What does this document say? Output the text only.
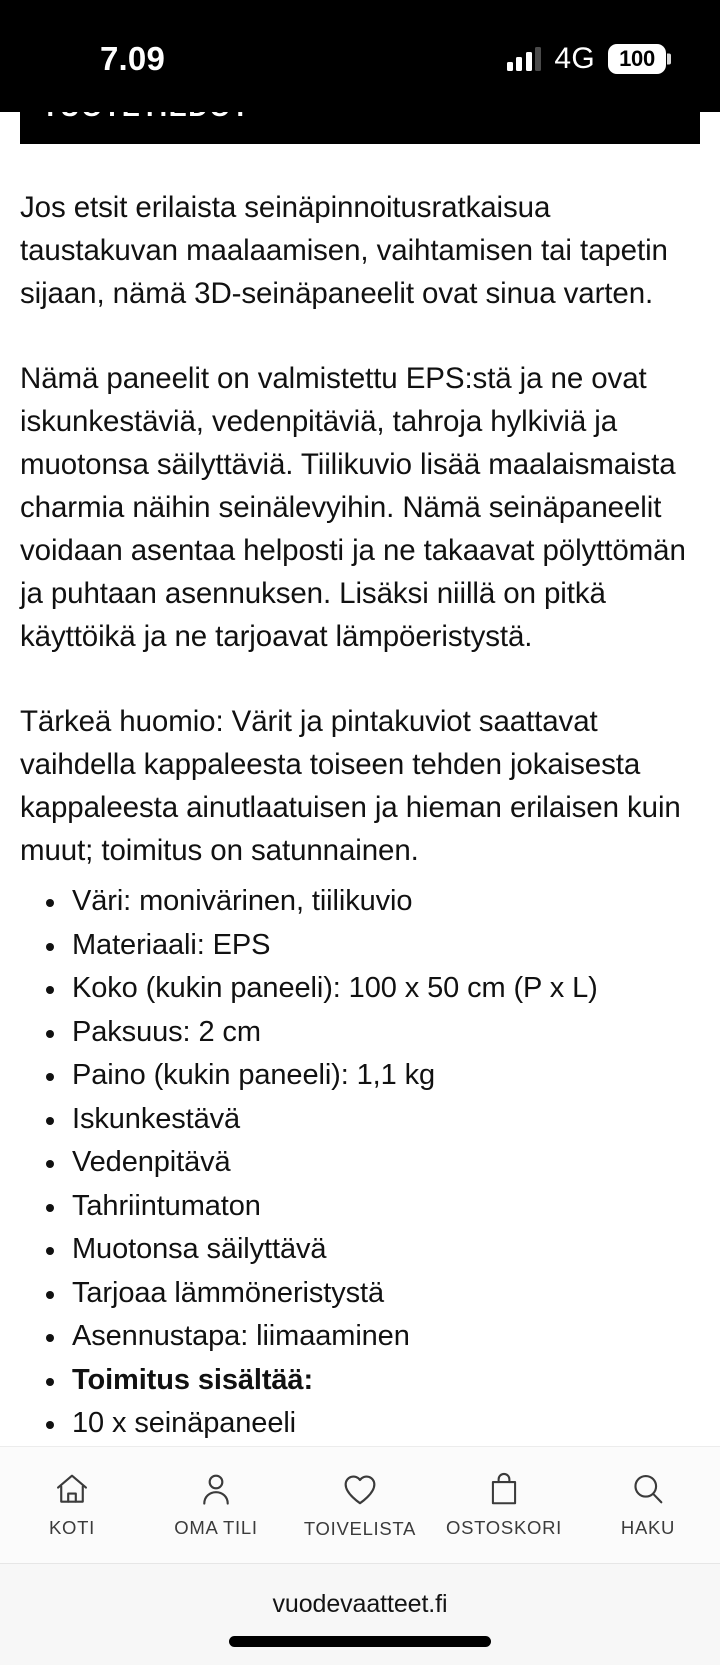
7.09	4G 100

Jos etsit erilaista seinäpinnoitusratkaisua taustakuvan maalaamisen, vaihtamisen tai tapetin sijaan, nämä 3D-seinäpaneelit ovat sinua varten.

Nämä paneelit on valmistettu EPS:stä ja ne ovat iskunkestäviä, vedenpitäviä, tahroja hylkiviä ja muotonsa säilyttäviä. Tiilikuvio lisää maalaismaista charmia näihin seinälevyihin. Nämä seinäpaneelit voidaan asentaa helposti ja ne takaavat pölyttömän ja puhtaan asennuksen. Lisäksi niillä on pitkä käyttöikä ja ne tarjoavat lämpöeristystä.

Tärkeä huomio: Värit ja pintakuviot saattavat vaihdella kappaleesta toiseen tehden jokaisesta kappaleesta ainutlaatuisen ja hieman erilaisen kuin muut; toimitus on satunnainen.

Väri: monivärinen, tiilikuvio
Materiaali: EPS
Koko (kukin paneeli): 100 x 50 cm (P x L)
Paksuus: 2 cm
Paino (kukin paneeli): 1,1 kg
Iskunkestävä
Vedenpitävä
Tahriintumaton
Muotonsa säilyttävä
Tarjoaa lämmöneristystä
Asennustapa: liimaaminen
Toimitus sisältää:
10 x seinäpaneeli
KOTI	OMA TILI TOIVELISTA OSTOSKORI	HAKU
vuodevaatteet.fi
